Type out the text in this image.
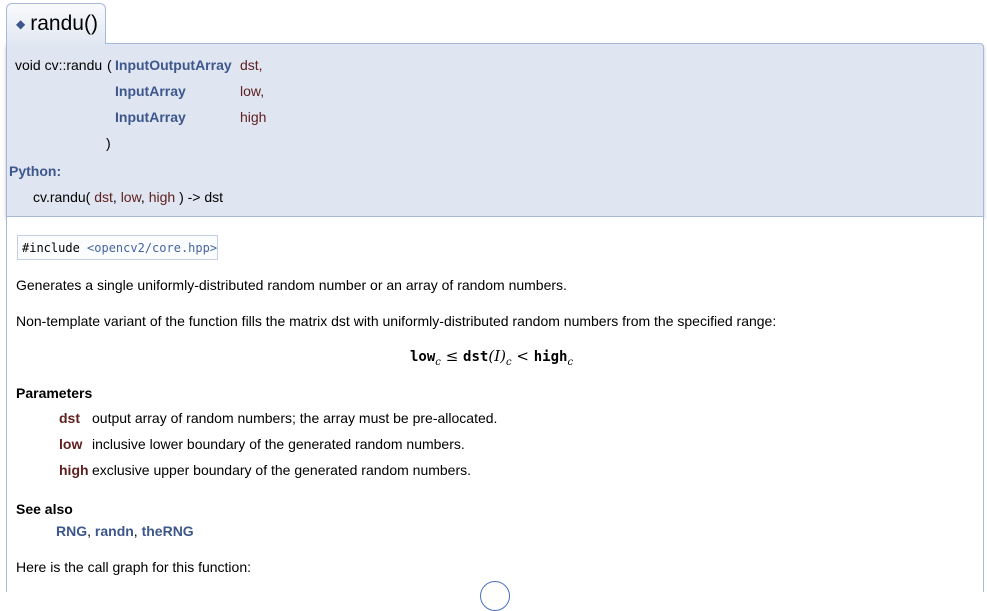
◆ randu()
void cv::randu ( InputOutputArray dst,
InputArray	low,
InputArray	high
)
Python:
cv.randu( dst, low, high ) -> dst
#include <opencv2/core.hpp>
Generates a single uniformly-distributed random number or an array of random numbers.
Non-template variant of the function fills the matrix dst with uniformly-distributed random numbers from the specified range:
$low_c \le dst(I)_c$ < high$_c$
Parameters
dst output array of random numbers; the array must be pre-allocated.
low inclusive lower boundary of the generated random numbers.
high exclusive upper boundary of the generated random numbers.
See also
RNG, randn, theRNG
Here is the call graph for this function:
